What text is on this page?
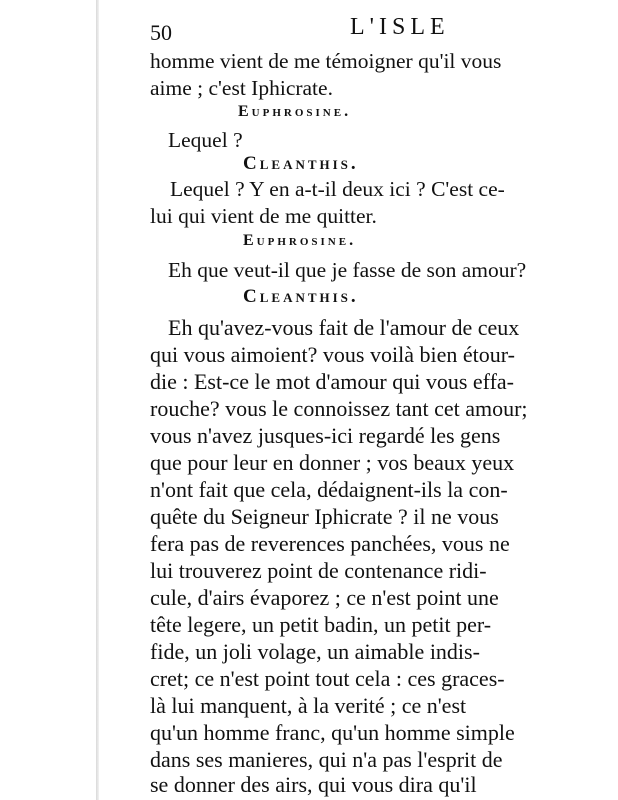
50	L'ISLE
homme vient de me témoigner qu'il vous
aime ; c'est Iphicrate.
Euphrosine.
Lequel ?
Cleanthis.
Lequel ? Y en a-t-il deux ici ? C'est ce-
lui qui vient de me quitter.
Euphrosine.
Eh que veut-il que je fasse de son amour?
Cleanthis.
Eh qu'avez-vous fait de l'amour de ceux
qui vous aimoient? vous voilà bien étour-
die : Est-ce le mot d'amour qui vous effa-
rouche? vous le connoissez tant cet amour;
vous n'avez jusques-ici regardé les gens
que pour leur en donner ; vos beaux yeux
n'ont fait que cela, dédaignent-ils la con-
quête du Seigneur Iphicrate ? il ne vous
fera pas de reverences panchées, vous ne
lui trouverez point de contenance ridi-
cule, d'airs évaporez ; ce n'est point une
tête legere, un petit badin, un petit per-
fide, un joli volage, un aimable indis-
cret; ce n'est point tout cela : ces graces-
là lui manquent, à la verité ; ce n'est
qu'un homme franc, qu'un homme simple
dans ses manieres, qui n'a pas l'esprit de
se donner des airs, qui vous dira qu'il
